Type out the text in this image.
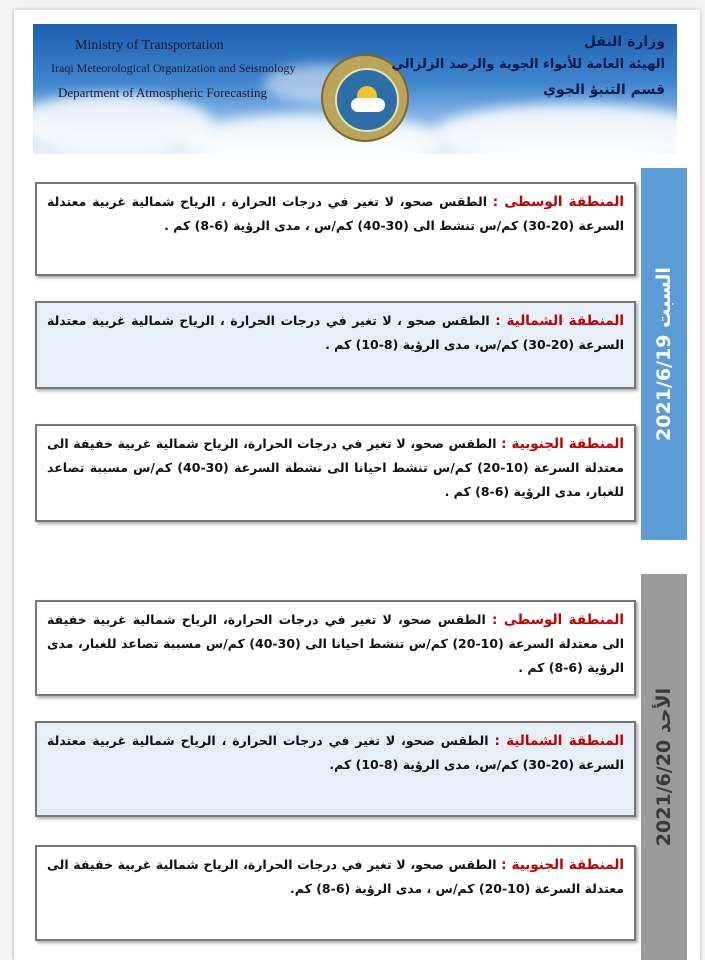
Ministry of Transportation
Iraqi Meteorological Organization and Seismology
Department of Atmospheric Forecasting
وزارة النقل
الهيئة العامة للأنواء الجوية والرصد الزلزالي
قسم التنبؤ الجوي
السبت 2021/6/19

المنطقة الوسطى : الطقس صحو، لا تغير في درجات الحرارة ، الرياح شمالية غربية معتدلة السرعة (20-30) كم/س تنشط الى (30-40) كم/س ، مدى الرؤية (6-8) كم .

المنطقة الشمالية : الطقس صحو ، لا تغير في درجات الحرارة ، الرياح شمالية غربية معتدلة السرعة (20-30) كم/س، مدى الرؤية (8-10) كم .

المنطقة الجنوبية : الطقس صحو، لا تغير في درجات الحرارة، الرياح شمالية غربية خفيفة الى معتدلة السرعة (10-20) كم/س تنشط احيانا الى نشطة السرعة (30-40) كم/س مسببة تصاعد للغبار، مدى الرؤية (6-8) كم .

الأحد 2021/6/20

المنطقة الوسطى : الطقس صحو، لا تغير في درجات الحرارة، الرياح شمالية غربية خفيفة الى معتدلة السرعة (10-20) كم/س تنشط احيانا الى (30-40) كم/س مسببة تصاعد للغبار، مدى الرؤية (6-8) كم .

المنطقة الشمالية : الطقس صحو، لا تغير في درجات الحرارة ، الرياح شمالية غربية معتدلة السرعة (20-30) كم/س، مدى الرؤية (8-10) كم.

المنطقة الجنوبية : الطقس صحو، لا تغير في درجات الحرارة، الرياح شمالية غربية خفيفة الى معتدلة السرعة (10-20) كم/س ، مدى الرؤية (6-8) كم.
